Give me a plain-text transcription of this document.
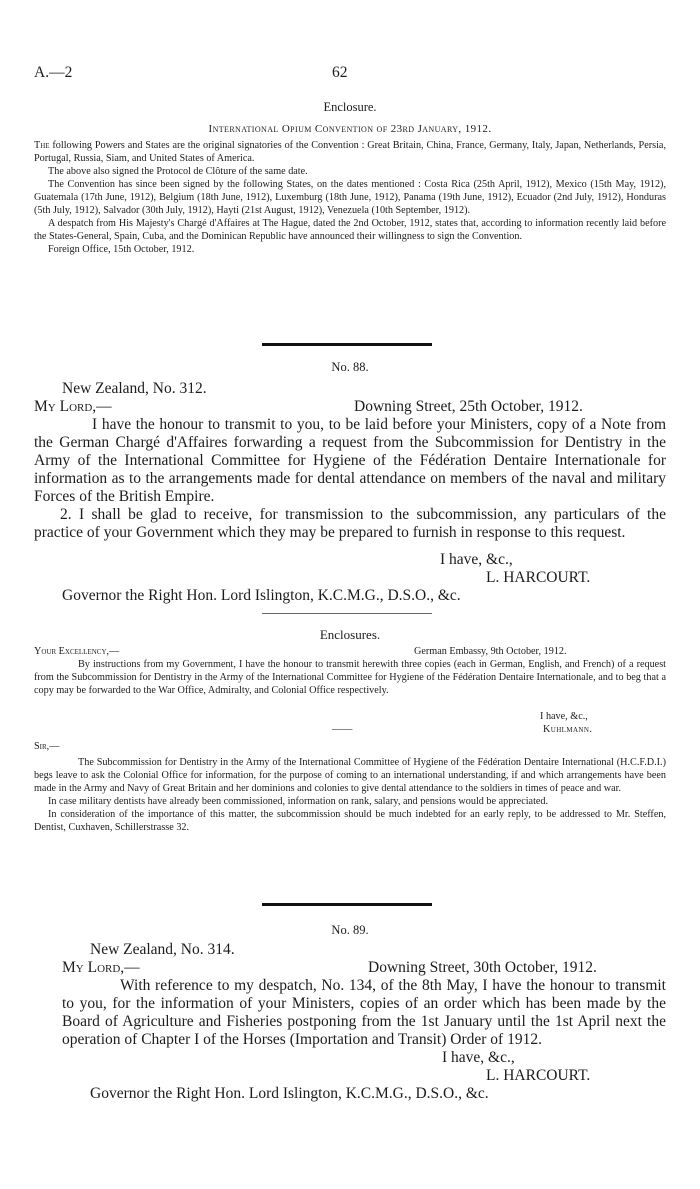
A.—2	62
Enclosure.
International Opium Convention of 23rd January, 1912.

The following Powers and States are the original signatories of the Convention : Great Britain, China, France, Germany, Italy, Japan, Netherlands, Persia, Portugal, Russia, Siam, and United States of America.

The above also signed the Protocol de Clôture of the same date.

The Convention has since been signed by the following States, on the dates mentioned : Costa Rica (25th April, 1912), Mexico (15th May, 1912), Guatemala (17th June, 1912), Belgium (18th June, 1912), Luxemburg (18th June, 1912), Panama (19th June, 1912), Ecuador (2nd July, 1912), Honduras (5th July, 1912), Salvador (30th July, 1912), Hayti (21st August, 1912), Venezuela (10th September, 1912).

A despatch from His Majesty's Chargé d'Affaires at The Hague, dated the 2nd October, 1912, states that, according to information recently laid before the States-General, Spain, Cuba, and the Dominican Republic have announced their willingness to sign the Convention.

Foreign Office, 15th October, 1912.

No. 88.
New Zealand, No. 312.
My Lord,—	Downing Street, 25th October, 1912.

I have the honour to transmit to you, to be laid before your Ministers, copy of a Note from the German Chargé d'Affaires forwarding a request from the Subcommission for Dentistry in the Army of the International Committee for Hygiene of the Fédération Dentaire Internationale for information as to the arrangements made for dental attendance on members of the naval and military Forces of the British Empire.

2. I shall be glad to receive, for transmission to the subcommission, any particulars of the practice of your Government which they may be prepared to furnish in response to this request.

I have, &c.,
L. HARCOURT.
Governor the Right Hon. Lord Islington, K.C.M.G., D.S.O., &c.
Enclosures.
Your Excellency,—	German Embassy, 9th October, 1912.

By instructions from my Government, I have the honour to transmit herewith three copies (each in German, English, and French) of a request from the Subcommission for Dentistry in the Army of the International Committee for Hygiene of the Fédération Dentaire Internationale, and to beg that a copy may be forwarded to the War Office, Admiralty, and Colonial Office respectively.

I have, &c.,
——	Kuhlmann.
Sir,—

The Subcommission for Dentistry in the Army of the International Committee of Hygiene of the Fédération Dentaire International (H.C.F.D.I.) begs leave to ask the Colonial Office for information, for the purpose of coming to an international understanding, if and which arrangements have been made in the Army and Navy of Great Britain and her dominions and colonies to give dental attendance to the soldiers in times of peace and war.

In case military dentists have already been commissioned, information on rank, salary, and pensions would be appreciated.

In consideration of the importance of this matter, the subcommission should be much indebted for an early reply, to be addressed to Mr. Steffen, Dentist, Cuxhaven, Schillerstrasse 32.

No. 89.
New Zealand, No. 314.
My Lord,—	Downing Street, 30th October, 1912.

With reference to my despatch, No. 134, of the 8th May, I have the honour to transmit to you, for the information of your Ministers, copies of an order which has been made by the Board of Agriculture and Fisheries postponing from the 1st January until the 1st April next the operation of Chapter I of the Horses (Importation and Transit) Order of 1912.

I have, &c.,
L. HARCOURT.
Governor the Right Hon. Lord Islington, K.C.M.G., D.S.O., &c.
